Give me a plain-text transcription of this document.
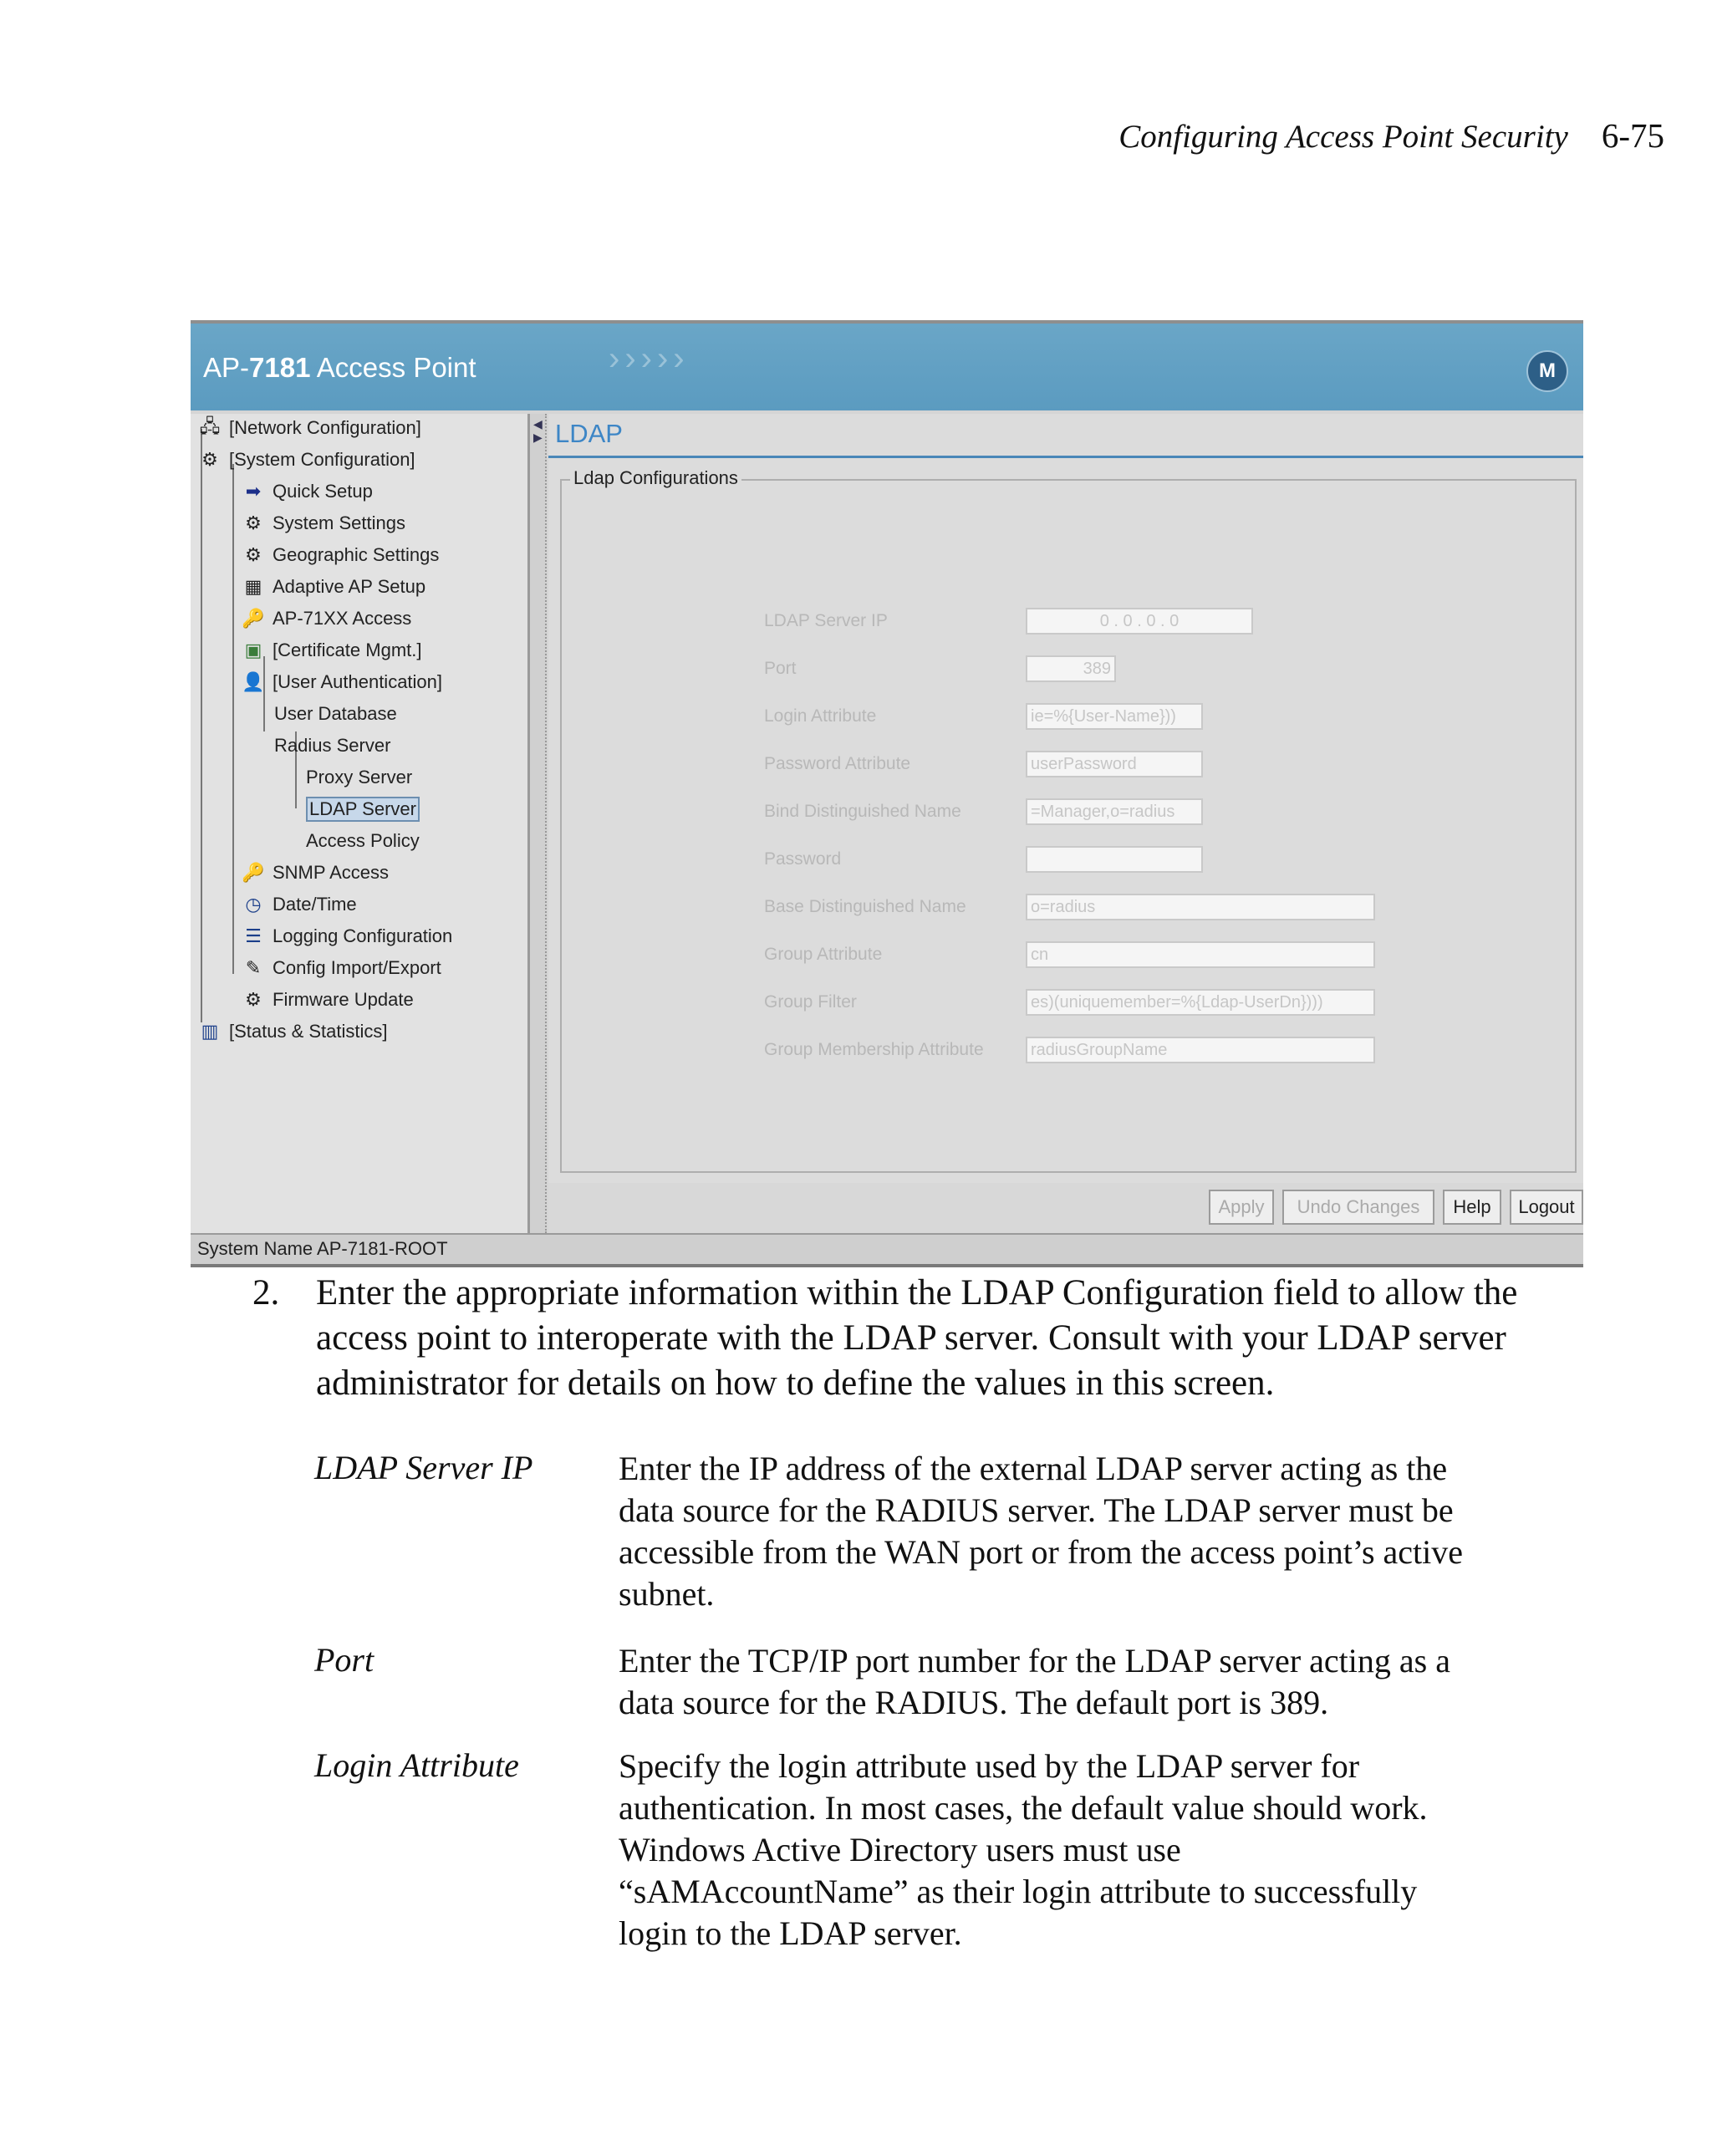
Configuring Access Point Security 6-75
AP-7181 Access Point	›››››	M
🖧 [Network Configuration]
⚙ [System Configuration]
➡ Quick Setup
⚙ System Settings
⚙ Geographic Settings
▦ Adaptive AP Setup
🔑 AP-71XX Access
▣ [Certificate Mgmt.]
👤 [User Authentication]
User Database
Radius Server
Proxy Server
LDAP Server
Access Policy
🔑 SNMP Access
◷ Date/Time
☰ Logging Configuration
✎ Config Import/Export
⚙ Firmware Update
▥ [Status & Statistics]
◀
▶ LDAP
Ldap Configurations
LDAP Server IP	0 . 0 . 0 . 0
Port	389
Login Attribute	ie=%{User-Name}))
Password Attribute	userPassword
Bind Distinguished Name	=Manager,o=radius
Password
Base Distinguished Name	o=radius
Group Attribute	cn
Group Filter	es)(uniquemember=%{Ldap-UserDn})))
Group Membership Attribute	radiusGroupName
Apply	Undo Changes	Help	Logout
System Name AP-7181-ROOT
2. Enter the appropriate information within the LDAP Configuration field to allow the access point to interoperate with the LDAP server. Consult with your LDAP server administrator for details on how to define the values in this screen.
LDAP Server IP	Enter the IP address of the external LDAP server acting as the data source for the RADIUS server. The LDAP server must be accessible from the WAN port or from the access point’s active subnet.
Port	Enter the TCP/IP port number for the LDAP server acting as a data source for the RADIUS. The default port is 389.
Login Attribute	Specify the login attribute used by the LDAP server for authentication. In most cases, the default value should work. Windows Active Directory users must use “sAMAccountName” as their login attribute to successfully login to the LDAP server.
